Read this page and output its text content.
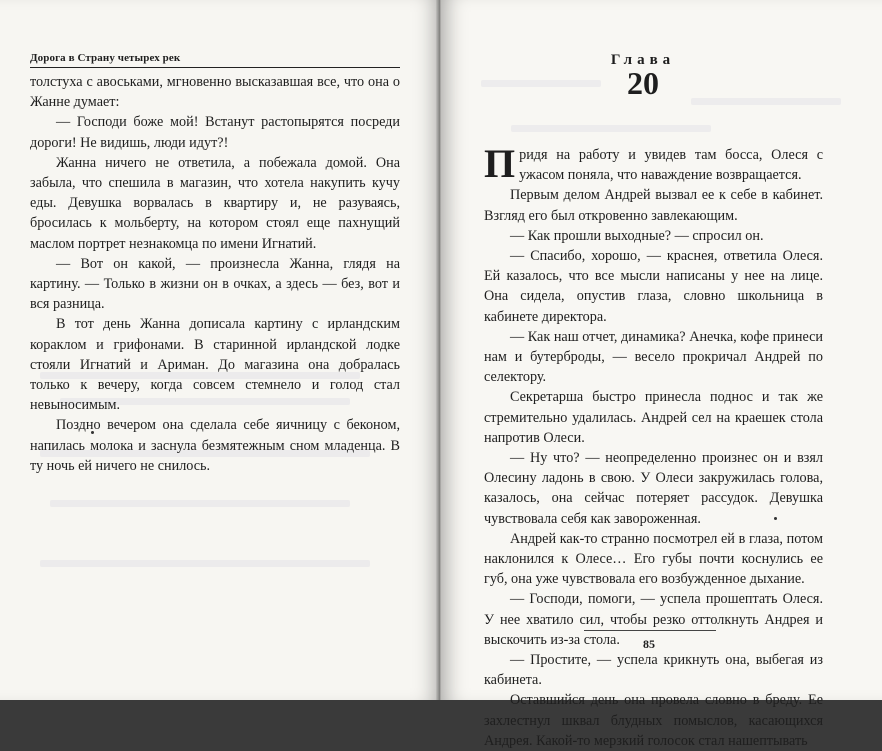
Дорога в Страну четырех рек

толстуха с авоськами, мгновенно высказавшая все, что она о Жанне думает:

— Господи боже мой! Встанут растопырятся посреди дороги! Не видишь, люди идут?!

Жанна ничего не ответила, а побежала домой. Она забыла, что спешила в магазин, что хотела накупить кучу еды. Девушка ворвалась в квартиру и, не разуваясь, бросилась к мольберту, на котором стоял еще пахнущий маслом портрет незнакомца по имени Игнатий.

— Вот он какой, — произнесла Жанна, глядя на картину. — Только в жизни он в очках, а здесь — без, вот и вся разница.

В тот день Жанна дописала картину с ирландским кораклом и грифонами. В старинной ирландской лодке стояли Игнатий и Ариман. До магазина она добралась только к вечеру, когда совсем стемнело и голод стал невыносимым.

Поздно вечером она сделала себе яичницу с беконом, напилась молока и заснула безмятежным сном младенца. В ту ночь ей ничего не снилось.

Глава
20

Придя на работу и увидев там босса, Олеся с ужасом поняла, что наваждение возвращается.

Первым делом Андрей вызвал ее к себе в кабинет. Взгляд его был откровенно завлекающим.

— Как прошли выходные? — спросил он.

— Спасибо, хорошо, — краснея, ответила Олеся. Ей казалось, что все мысли написаны у нее на лице. Она сидела, опустив глаза, словно школьница в кабинете директора.

— Как наш отчет, динамика? Анечка, кофе принеси нам и бутерброды, — весело прокричал Андрей по селектору.

Секретарша быстро принесла поднос и так же стремительно удалилась. Андрей сел на краешек стола напротив Олеси.

— Ну что? — неопределенно произнес он и взял Олесину ладонь в свою. У Олеси закружилась голова, казалось, она сейчас потеряет рассудок. Девушка чувствовала себя как завороженная.

Андрей как-то странно посмотрел ей в глаза, потом наклонился к Олесе… Его губы почти коснулись ее губ, она уже чувствовала его возбужденное дыхание.

— Господи, помоги, — успела прошептать Олеся. У нее хватило сил, чтобы резко оттолкнуть Андрея и выскочить из-за стола.

— Простите, — успела крикнуть она, выбегая из кабинета.

Оставшийся день она провела словно в бреду. Ее захлестнул шквал блудных помыслов, касающихся Андрея. Какой-то мерзкий голосок стал нашептывать

85
